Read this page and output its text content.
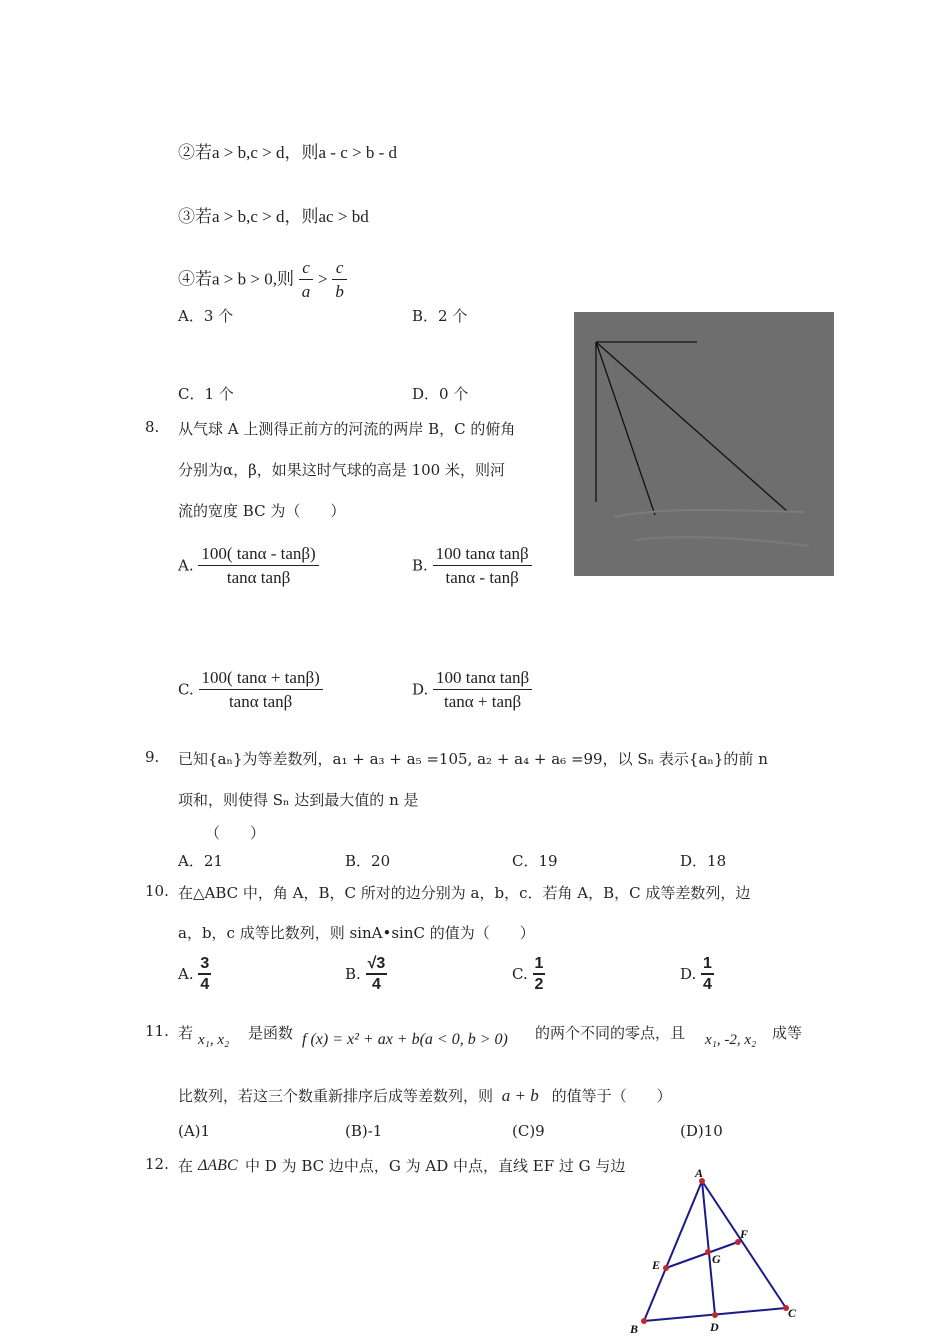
②若a > b,c > d，则a - c > b - d
③若a > b,c > d，则ac > bd
④若a > b > 0,则 $\frac{c}{a} > \frac{c}{b}$
A．3 个	B．2 个
C．1 个	D．0 个
8. 从气球 A 上测得正前方的河流的两岸 B，C 的俯角
分别为α，β，如果这时气球的高是 100 米，则河
流的宽度 BC 为（　　）
A. $\frac{100( \tan\alpha - \tan\beta)}{\text{tanα tanβ}}$	B. $\frac{\text{100 tanα tanβ}}{\tan\alpha - \tan\beta}$
C. $\frac{100( \tan\alpha + \tan\beta)}{\text{tanα tanβ}}$	D. $\frac{\text{100 tanα tanβ}}{\tan\alpha + \tan\beta}$
9. 已知{aₙ}为等差数列，a₁ + a₃ + a₅ =105, a₂ + a₄ + a₆ =99，以 Sₙ 表示{aₙ}的前 n
项和，则使得 Sₙ 达到最大值的 n 是
（　　）
A．21	B．20	C．19	D．18
10. 在△ABC 中，角 A，B，C 所对的边分别为 a，b，c．若角 A，B，C 成等差数列，边
a，b，c 成等比数列，则 sinA•sinC 的值为（　　）
A. $\frac{3}{4}$	B. $\frac{√3}{4}$	C. $\frac{1}{2}$	D. $\frac{1}{4}$
11. 若 x₁, x₂ 是函数 f (x) = x² + ax + b(a < 0, b > 0) 的两个不同的零点，且 x₁, -2, x₂ 成等
比数列，若这三个数重新排序后成等差数列，则 a + b 的值等于（　　）
(A)1	(B)-1	(C)9	(D)10
12. 在 ΔABC 中 D 为 BC 边中点，G 为 AD 中点，直线 EF 过 G 与边	A
B
C
D
E
F
G
